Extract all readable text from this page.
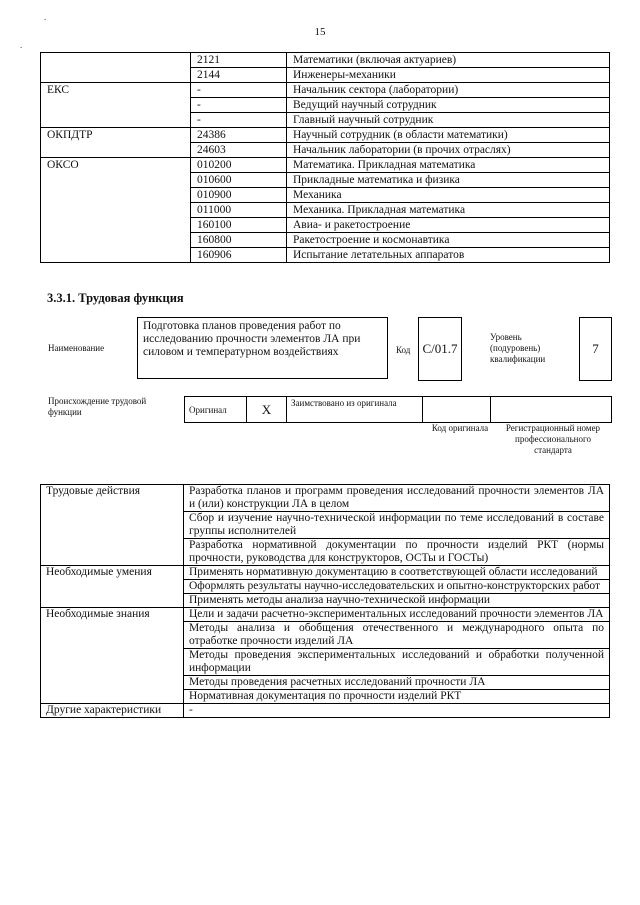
15
.
.
	2121	Математики (включая актуариев)
	2144	Инженеры-механики
ЕКС	-	Начальник сектора (лаборатории)
	-	Ведущий научный сотрудник
	-	Главный научный сотрудник
ОКПДТР	24386	Научный сотрудник (в области математики)
	24603	Начальник лаборатории (в прочих отраслях)
ОКСО	010200	Математика. Прикладная математика
	010600	Прикладные математика и физика
	010900	Механика
	011000	Механика. Прикладная математика
	160100	Авиа- и ракетостроение
	160800	Ракетостроение и космонавтика
	160906	Испытание летательных аппаратов
3.3.1. Трудовая функция
Наименование
Подготовка планов проведения работ по исследованию прочности элементов ЛА при силовом и температурном воздействиях	Код С/01.7
Уровень (подуровень) квалификации
7
Происхождение трудовой функции	Оригинал	X	Заимствовано из оригинала		
Код оригинала	Регистрационный номер профессионального стандарта
Трудовые действия	Разработка планов и программ проведения исследований прочности элементов ЛА и (или) конструкции ЛА в целом
	Сбор и изучение научно-технической информации по теме исследований в составе группы исполнителей
	Разработка нормативной документации по прочности изделий РКТ (нормы прочности, руководства для конструкторов, ОСТы и ГОСТы)
Необходимые умения	Применять нормативную документацию в соответствующей области исследований
	Оформлять результаты научно-исследовательских и опытно-конструкторских работ
	Применять методы анализа научно-технической информации
Необходимые знания	Цели и задачи расчетно-экспериментальных исследований прочности элементов ЛА
	Методы анализа и обобщения отечественного и международного опыта по отработке прочности изделий ЛА
	Методы проведения экспериментальных исследований и обработки полученной информации
	Методы проведения расчетных исследований прочности ЛА
	Нормативная документация по прочности изделий РКТ
Другие характеристики	-
